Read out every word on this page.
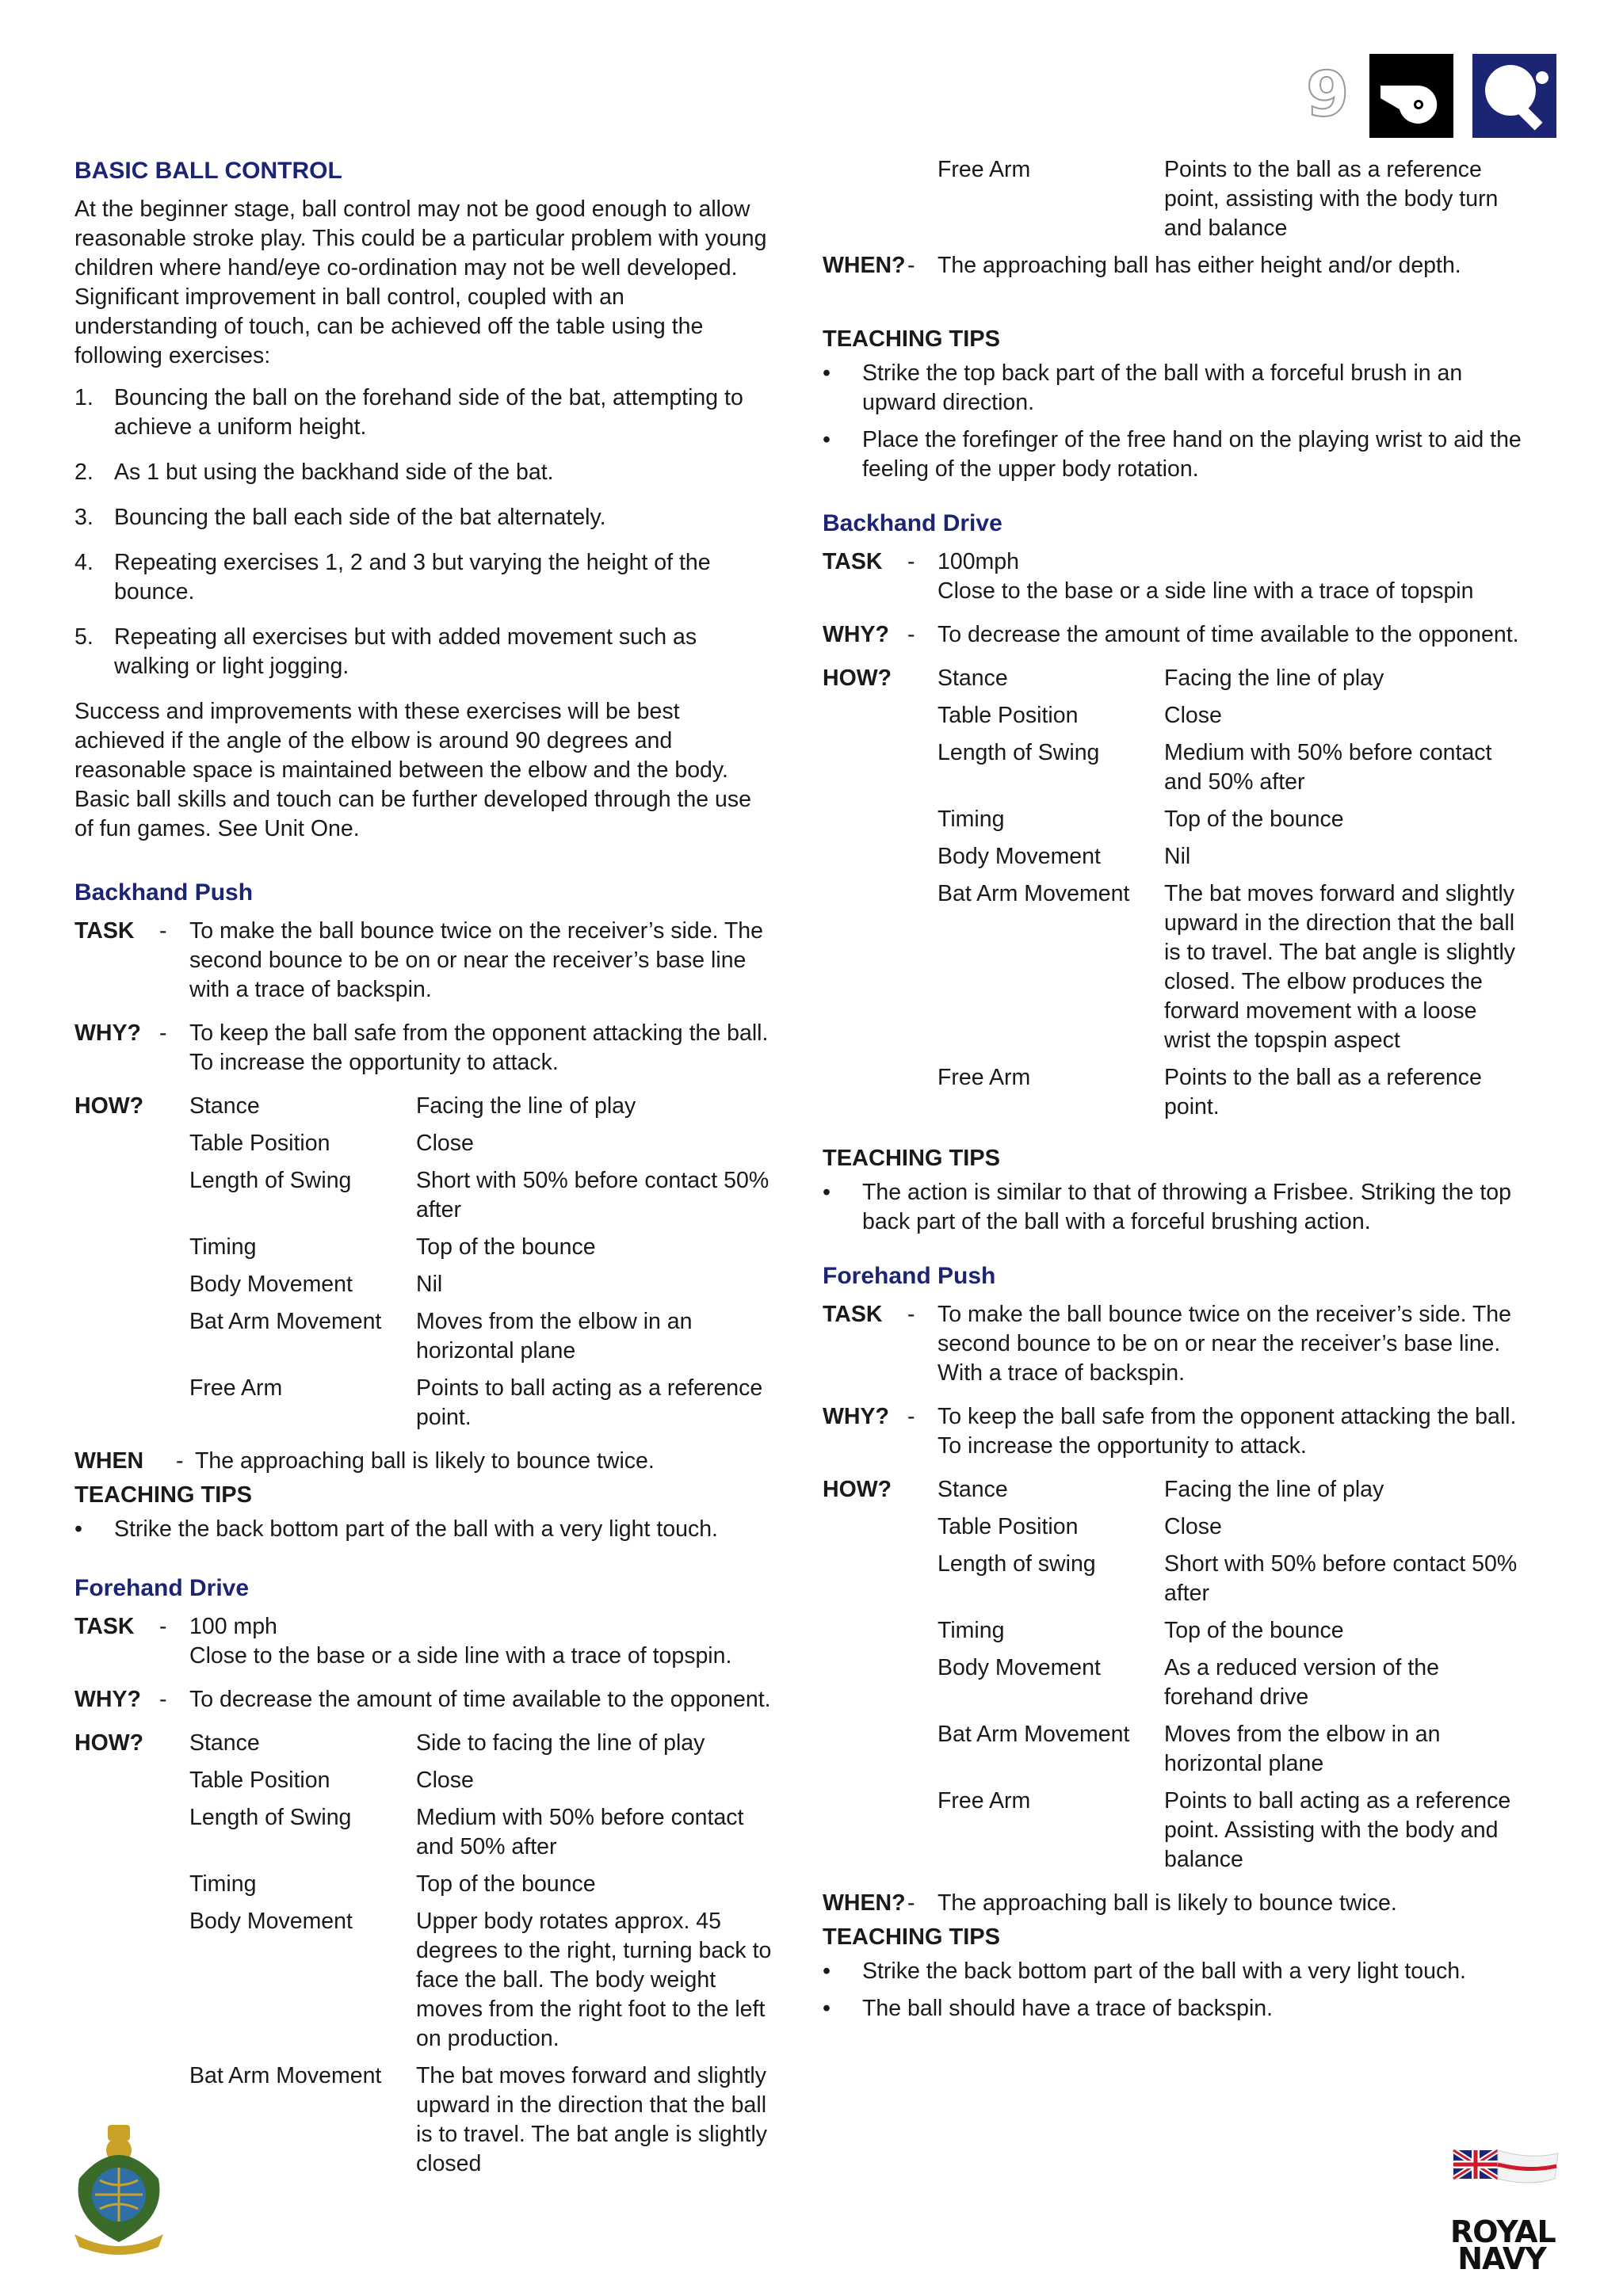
9
BASIC BALL CONTROL

At the beginner stage, ball control may not be good enough to allow reasonable stroke play. This could be a particular problem with young children where hand/eye co-ordination may not be well developed. Significant improvement in ball control, coupled with an understanding of touch, can be achieved off the table using the following exercises:

1. Bouncing the ball on the forehand side of the bat, attempting to achieve a uniform height.
2. As 1 but using the backhand side of the bat.
3. Bouncing the ball each side of the bat alternately.
4. Repeating exercises 1, 2 and 3 but varying the height of the bounce.
5. Repeating all exercises but with added movement such as walking or light jogging.

Success and improvements with these exercises will be best achieved if the angle of the elbow is around 90 degrees and reasonable space is maintained between the elbow and the body. Basic ball skills and touch can be further developed through the use of fun games. See Unit One.

Backhand Push
TASK	-	To make the ball bounce twice on the receiver’s side. The second bounce to be on or near the receiver’s base line with a trace of backspin.
WHY? -	To keep the ball safe from the opponent attacking the ball. To increase the opportunity to attack.
HOW?	Stance	Facing the line of play
Table Position	Close
Length of Swing	Short with 50% before contact 50% after
Timing	Top of the bounce
Body Movement	Nil
Bat Arm Movement	Moves from the elbow in an horizontal plane
Free Arm	Points to ball acting as a reference point.
WHEN	- The approaching ball is likely to bounce twice.
TEACHING TIPS
• Strike the back bottom part of the ball with a very light touch.
Forehand Drive
TASK	-	100 mph
Close to the base or a side line with a trace of topspin.
WHY? -	To decrease the amount of time available to the opponent.
HOW?	Stance	Side to facing the line of play
Table Position	Close
Length of Swing	Medium with 50% before contact and 50% after
Timing	Top of the bounce
Body Movement	Upper body rotates approx. 45 degrees to the right, turning back to face the ball. The body weight moves from the right foot to the left on production.
Bat Arm Movement	The bat moves forward and slightly upward in the direction that the ball is to travel. The bat angle is slightly closed
Free Arm	Points to the ball as a reference point, assisting with the body turn and balance
WHEN? -	The approaching ball has either height and/or depth.
TEACHING TIPS
• Strike the top back part of the ball with a forceful brush in an upward direction.
• Place the forefinger of the free hand on the playing wrist to aid the feeling of the upper body rotation.
Backhand Drive
TASK	-	100mph
Close to the base or a side line with a trace of topspin
WHY? -	To decrease the amount of time available to the opponent.
HOW?	Stance	Facing the line of play
Table Position	Close
Length of Swing	Medium with 50% before contact and 50% after
Timing	Top of the bounce
Body Movement	Nil
Bat Arm Movement	The bat moves forward and slightly upward in the direction that the ball is to travel. The bat angle is slightly closed. The elbow produces the forward movement with a loose wrist the topspin aspect
Free Arm	Points to the ball as a reference point.
TEACHING TIPS
• The action is similar to that of throwing a Frisbee. Striking the top back part of the ball with a forceful brushing action.
Forehand Push
TASK	-	To make the ball bounce twice on the receiver’s side. The second bounce to be on or near the receiver’s base line. With a trace of backspin.
WHY? -	To keep the ball safe from the opponent attacking the ball. To increase the opportunity to attack.
HOW?	Stance	Facing the line of play
Table Position	Close
Length of swing	Short with 50% before contact 50% after
Timing	Top of the bounce
Body Movement	As a reduced version of the forehand drive
Bat Arm Movement	Moves from the elbow in an horizontal plane
Free Arm	Points to ball acting as a reference point. Assisting with the body and balance
WHEN? -	The approaching ball is likely to bounce twice.
TEACHING TIPS
• Strike the back bottom part of the ball with a very light touch.
• The ball should have a trace of backspin.
ROYAL NAVY
